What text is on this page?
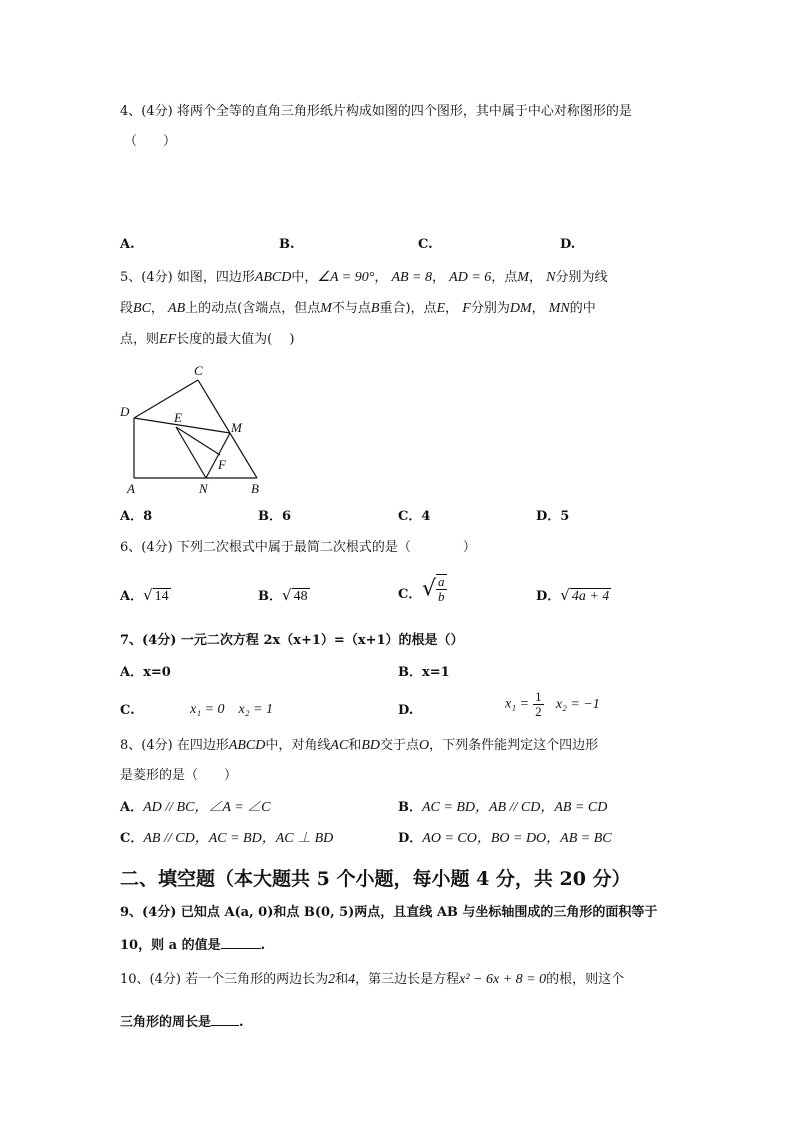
4、(4分) 将两个全等的直角三角形纸片构成如图的四个图形，其中属于中心对称图形的是
（　　）
A.	B.	C.	D.
5、(4分) 如图，四边形ABCD中，∠A = 90°， AB = 8， AD = 6，点M， N分别为线
段BC， AB上的动点(含端点，但点M不与点B重合)，点E， F分别为DM， MN的中
点，则EF长度的最大值为(　 )
C
D	E
M
F
A	N	B
A．8	B．6	C．4	D．5
6、(4分) 下列二次根式中属于最简二次根式的是（　　　　）
A．√ 14	B．√ 48	C． √ $\frac{a}{b}$	D．√ 4a + 4
7、(4分) 一元二次方程 2x（x+1）=（x+1）的根是（）
A．x=0	B．x=1
C.	x₁ = 0　x₂ = 1	D.	$x_1 = \frac{1}{2} x_2 = -1$
8、(4分) 在四边形ABCD中，对角线AC和BD交于点O，下列条件能判定这个四边形
是菱形的是（　　）
A．AD // BC，∠A = ∠C	B．AC = BD，AB // CD，AB = CD
C．AB // CD，AC = BD，AC ⊥ BD	D．AO = CO，BO = DO，AB = BC
二、填空题（本大题共 5 个小题，每小题 4 分，共 20 分）
9、(4分) 已知点 A(a, 0)和点 B(0, 5)两点，且直线 AB 与坐标轴围成的三角形的面积等于
10，则 a 的值是	.
10、(4分) 若一个三角形的两边长为2和4，第三边长是方程x² − 6x + 8 = 0的根，则这个
三角形的周长是 .
